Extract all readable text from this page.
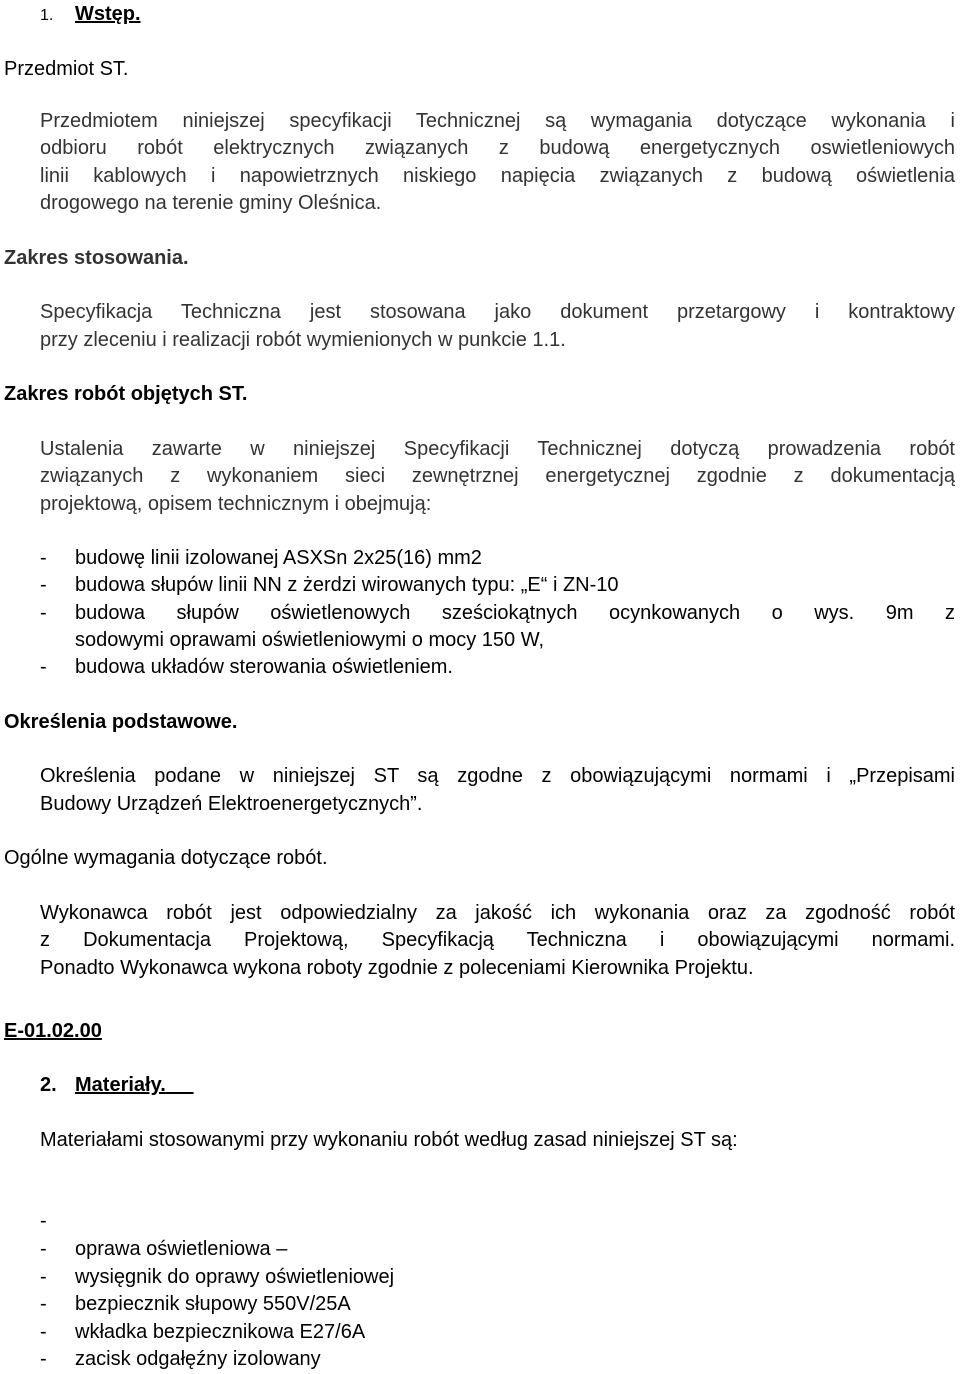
1. Wstęp.
Przedmiot ST.
Przedmiotem niniejszej specyfikacji Technicznej są wymagania dotyczące wykonania i
odbioru robót elektrycznych związanych z budową energetycznych oswietleniowych
linii kablowych i napowietrznych niskiego napięcia związanych z budową oświetlenia
drogowego na terenie gminy Oleśnica.
Zakres stosowania.
Specyfikacja Techniczna jest stosowana jako dokument przetargowy i kontraktowy
przy zleceniu i realizacji robót wymienionych w punkcie 1.1.
Zakres robót objętych ST.
Ustalenia zawarte w niniejszej Specyfikacji Technicznej dotyczą prowadzenia robót
związanych z wykonaniem sieci zewnętrznej energetycznej zgodnie z dokumentacją
projektową, opisem technicznym i obejmują:
- budowę linii izolowanej ASXSn 2x25(16) mm2
- budowa słupów linii NN z żerdzi wirowanych typu: „E“ i ZN-10
- budowa słupów oświetlenowych sześciokątnych ocynkowanych o wys. 9m z
sodowymi oprawami oświetleniowymi o mocy 150 W,
- budowa układów sterowania oświetleniem.
Określenia podstawowe.
Określenia podane w niniejszej ST są zgodne z obowiązującymi normami i „Przepisami
Budowy Urządzeń Elektroenergetycznych”.
Ogólne wymagania dotyczące robót.
Wykonawca robót jest odpowiedzialny za jakość ich wykonania oraz za zgodność robót
z Dokumentacja Projektową, Specyfikacją Techniczna i obowiązującymi normami.
Ponadto Wykonawca wykona roboty zgodnie z poleceniami Kierownika Projektu.
E-01.02.00
2. Materiały.
Materiałami stosowanymi przy wykonaniu robót według zasad niniejszej ST są:
-
- oprawa oświetleniowa –
- wysięgnik do oprawy oświetleniowej
- bezpiecznik słupowy 550V/25A
- wkładka bezpiecznikowa E27/6A
- zacisk odgałęźny izolowany
